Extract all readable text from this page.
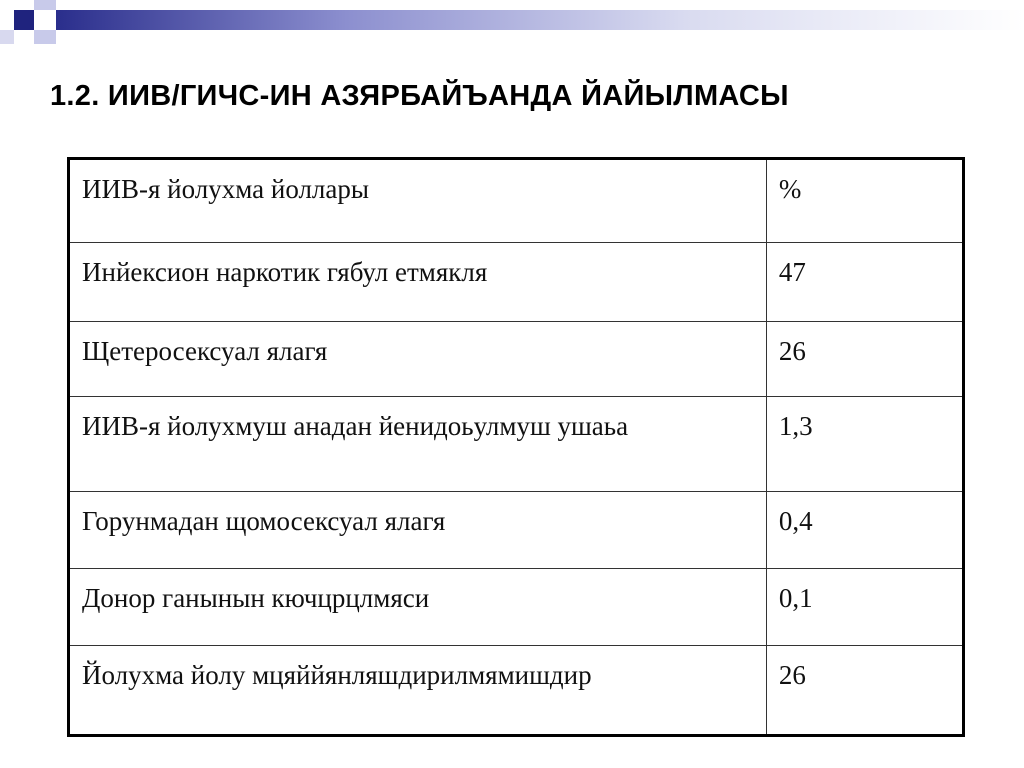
1.2. ИИВ/ГИЧС-ИН АЗЯРБАЙЪАНДА ЙАЙЫЛМАСЫ
ИИВ-я йолухма йоллары	%
Инйексион наркотик гябул етмякля	47
Щетеросексуал ялагя	26
ИИВ-я йолухмуш анадан йенидоьулмуш ушаьа	1,3
Горунмадан щомосексуал ялагя	0,4
Донор ганынын кючцрцлмяси	0,1
Йолухма йолу мцяййянляшдирилмямишдир	26
